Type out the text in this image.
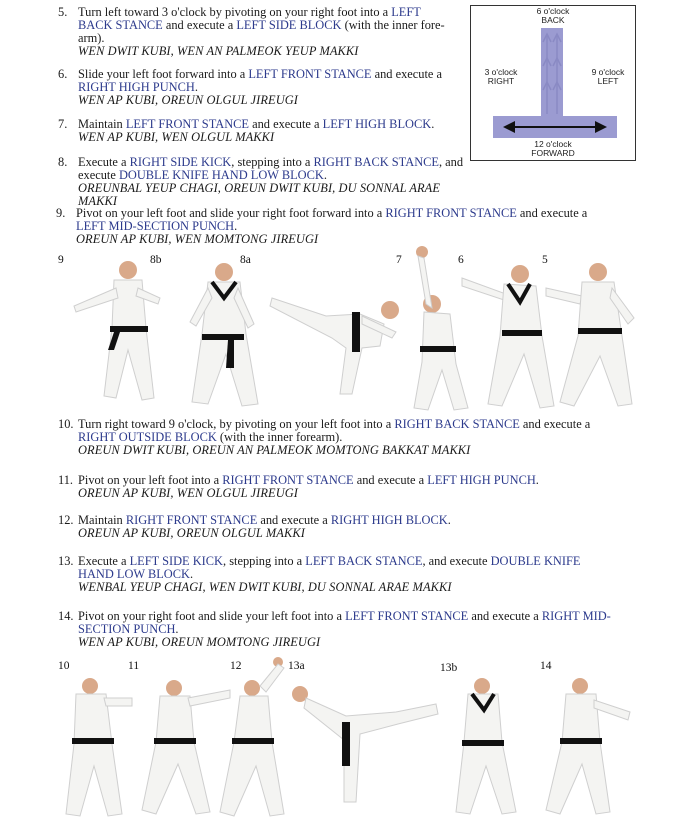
5. Turn left toward 3 o'clock by pivoting on your right foot into a LEFT BACK STANCE and execute a LEFT SIDE BLOCK (with the inner fore-arm).
WEN DWIT KUBI, WEN AN PALMEOK YEUP MAKKI
6. Slide your left foot forward into a LEFT FRONT STANCE and execute a RIGHT HIGH PUNCH.
WEN AP KUBI, OREUN OLGUL JIREUGI
7. Maintain LEFT FRONT STANCE and execute a LEFT HIGH BLOCK.
WEN AP KUBI, WEN OLGUL MAKKI
8. Execute a RIGHT SIDE KICK, stepping into a RIGHT BACK STANCE, and execute DOUBLE KNIFE HAND LOW BLOCK.
OREUNBAL YEUP CHAGI, OREUN DWIT KUBI, DU SONNAL ARAE MAKKI
9. Pivot on your left foot and slide your right foot forward into a RIGHT FRONT STANCE and execute a LEFT MID-SECTION PUNCH.
OREUN AP KUBI, WEN MOMTONG JIREUGI
6 o'clock
BACK
3 o'clock
RIGHT
9 o'clock
LEFT
12 o'clock
FORWARD
9	8b	8a	7	6	5
10. Turn right toward 9 o'clock, by pivoting on your left foot into a RIGHT BACK STANCE and execute a RIGHT OUTSIDE BLOCK (with the inner forearm).
OREUN DWIT KUBI, OREUN AN PALMEOK MOMTONG BAKKAT MAKKI
11. Pivot on your left foot into a RIGHT FRONT STANCE and execute a LEFT HIGH PUNCH.
OREUN AP KUBI, WEN OLGUL JIREUGI
12. Maintain RIGHT FRONT STANCE and execute a RIGHT HIGH BLOCK.
OREUN AP KUBI, OREUN OLGUL MAKKI
13. Execute a LEFT SIDE KICK, stepping into a LEFT BACK STANCE, and execute DOUBLE KNIFE HAND LOW BLOCK.
WENBAL YEUP CHAGI, WEN DWIT KUBI, DU SONNAL ARAE MAKKI
14. Pivot on your right foot and slide your left foot into a LEFT FRONT STANCE and execute a RIGHT MID-SECTION PUNCH.
WEN AP KUBI, OREUN MOMTONG JIREUGI
10	11	12	13a	13b	14
